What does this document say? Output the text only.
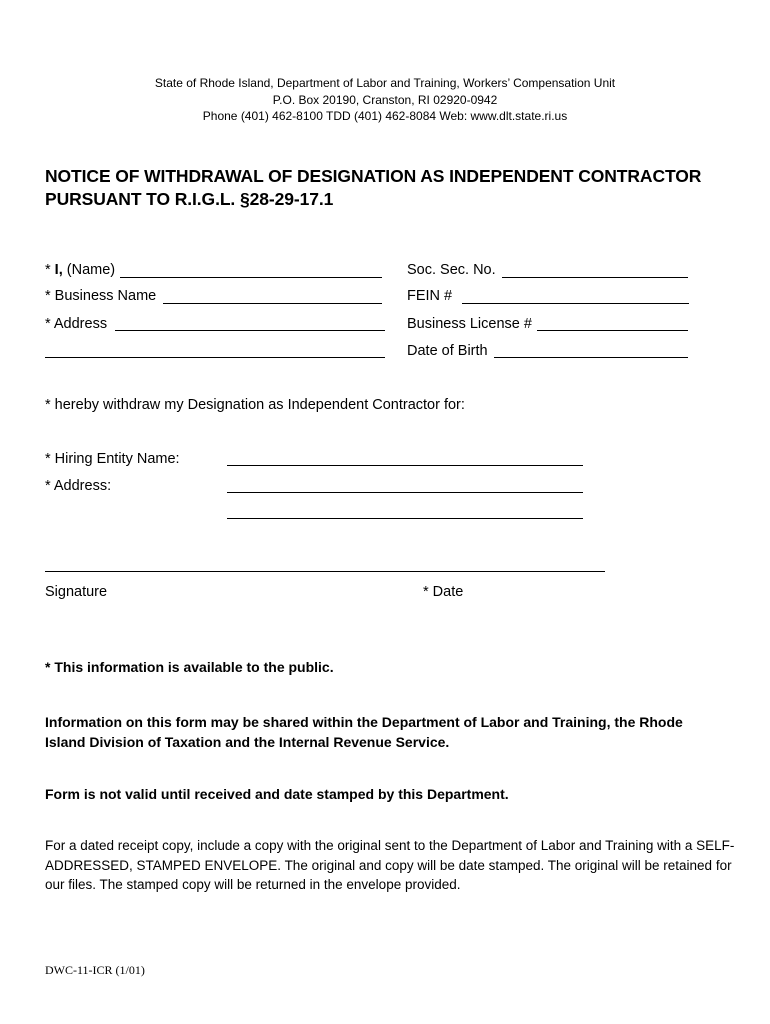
State of Rhode Island, Department of Labor and Training, Workers’ Compensation Unit
P.O. Box 20190, Cranston, RI 02920-0942
Phone (401) 462-8100 TDD (401) 462-8084 Web: www.dlt.state.ri.us
NOTICE OF WITHDRAWAL OF DESIGNATION AS INDEPENDENT CONTRACTOR
PURSUANT TO R.I.G.L. §28-29-17.1
* I, (Name)
* Business Name
* Address
Soc. Sec. No.
FEIN #
Business License #
Date of Birth
* hereby withdraw my Designation as Independent Contractor for:
* Hiring Entity Name:
* Address:
Signature	* Date
* This information is available to the public.
Information on this form may be shared within the Department of Labor and Training, the Rhode Island Division of Taxation and the Internal Revenue Service.
Form is not valid until received and date stamped by this Department.
For a dated receipt copy, include a copy with the original sent to the Department of Labor and Training with a SELF-ADDRESSED, STAMPED ENVELOPE. The original and copy will be date stamped. The original will be retained for our files. The stamped copy will be returned in the envelope provided.
DWC-11-ICR (1/01)
